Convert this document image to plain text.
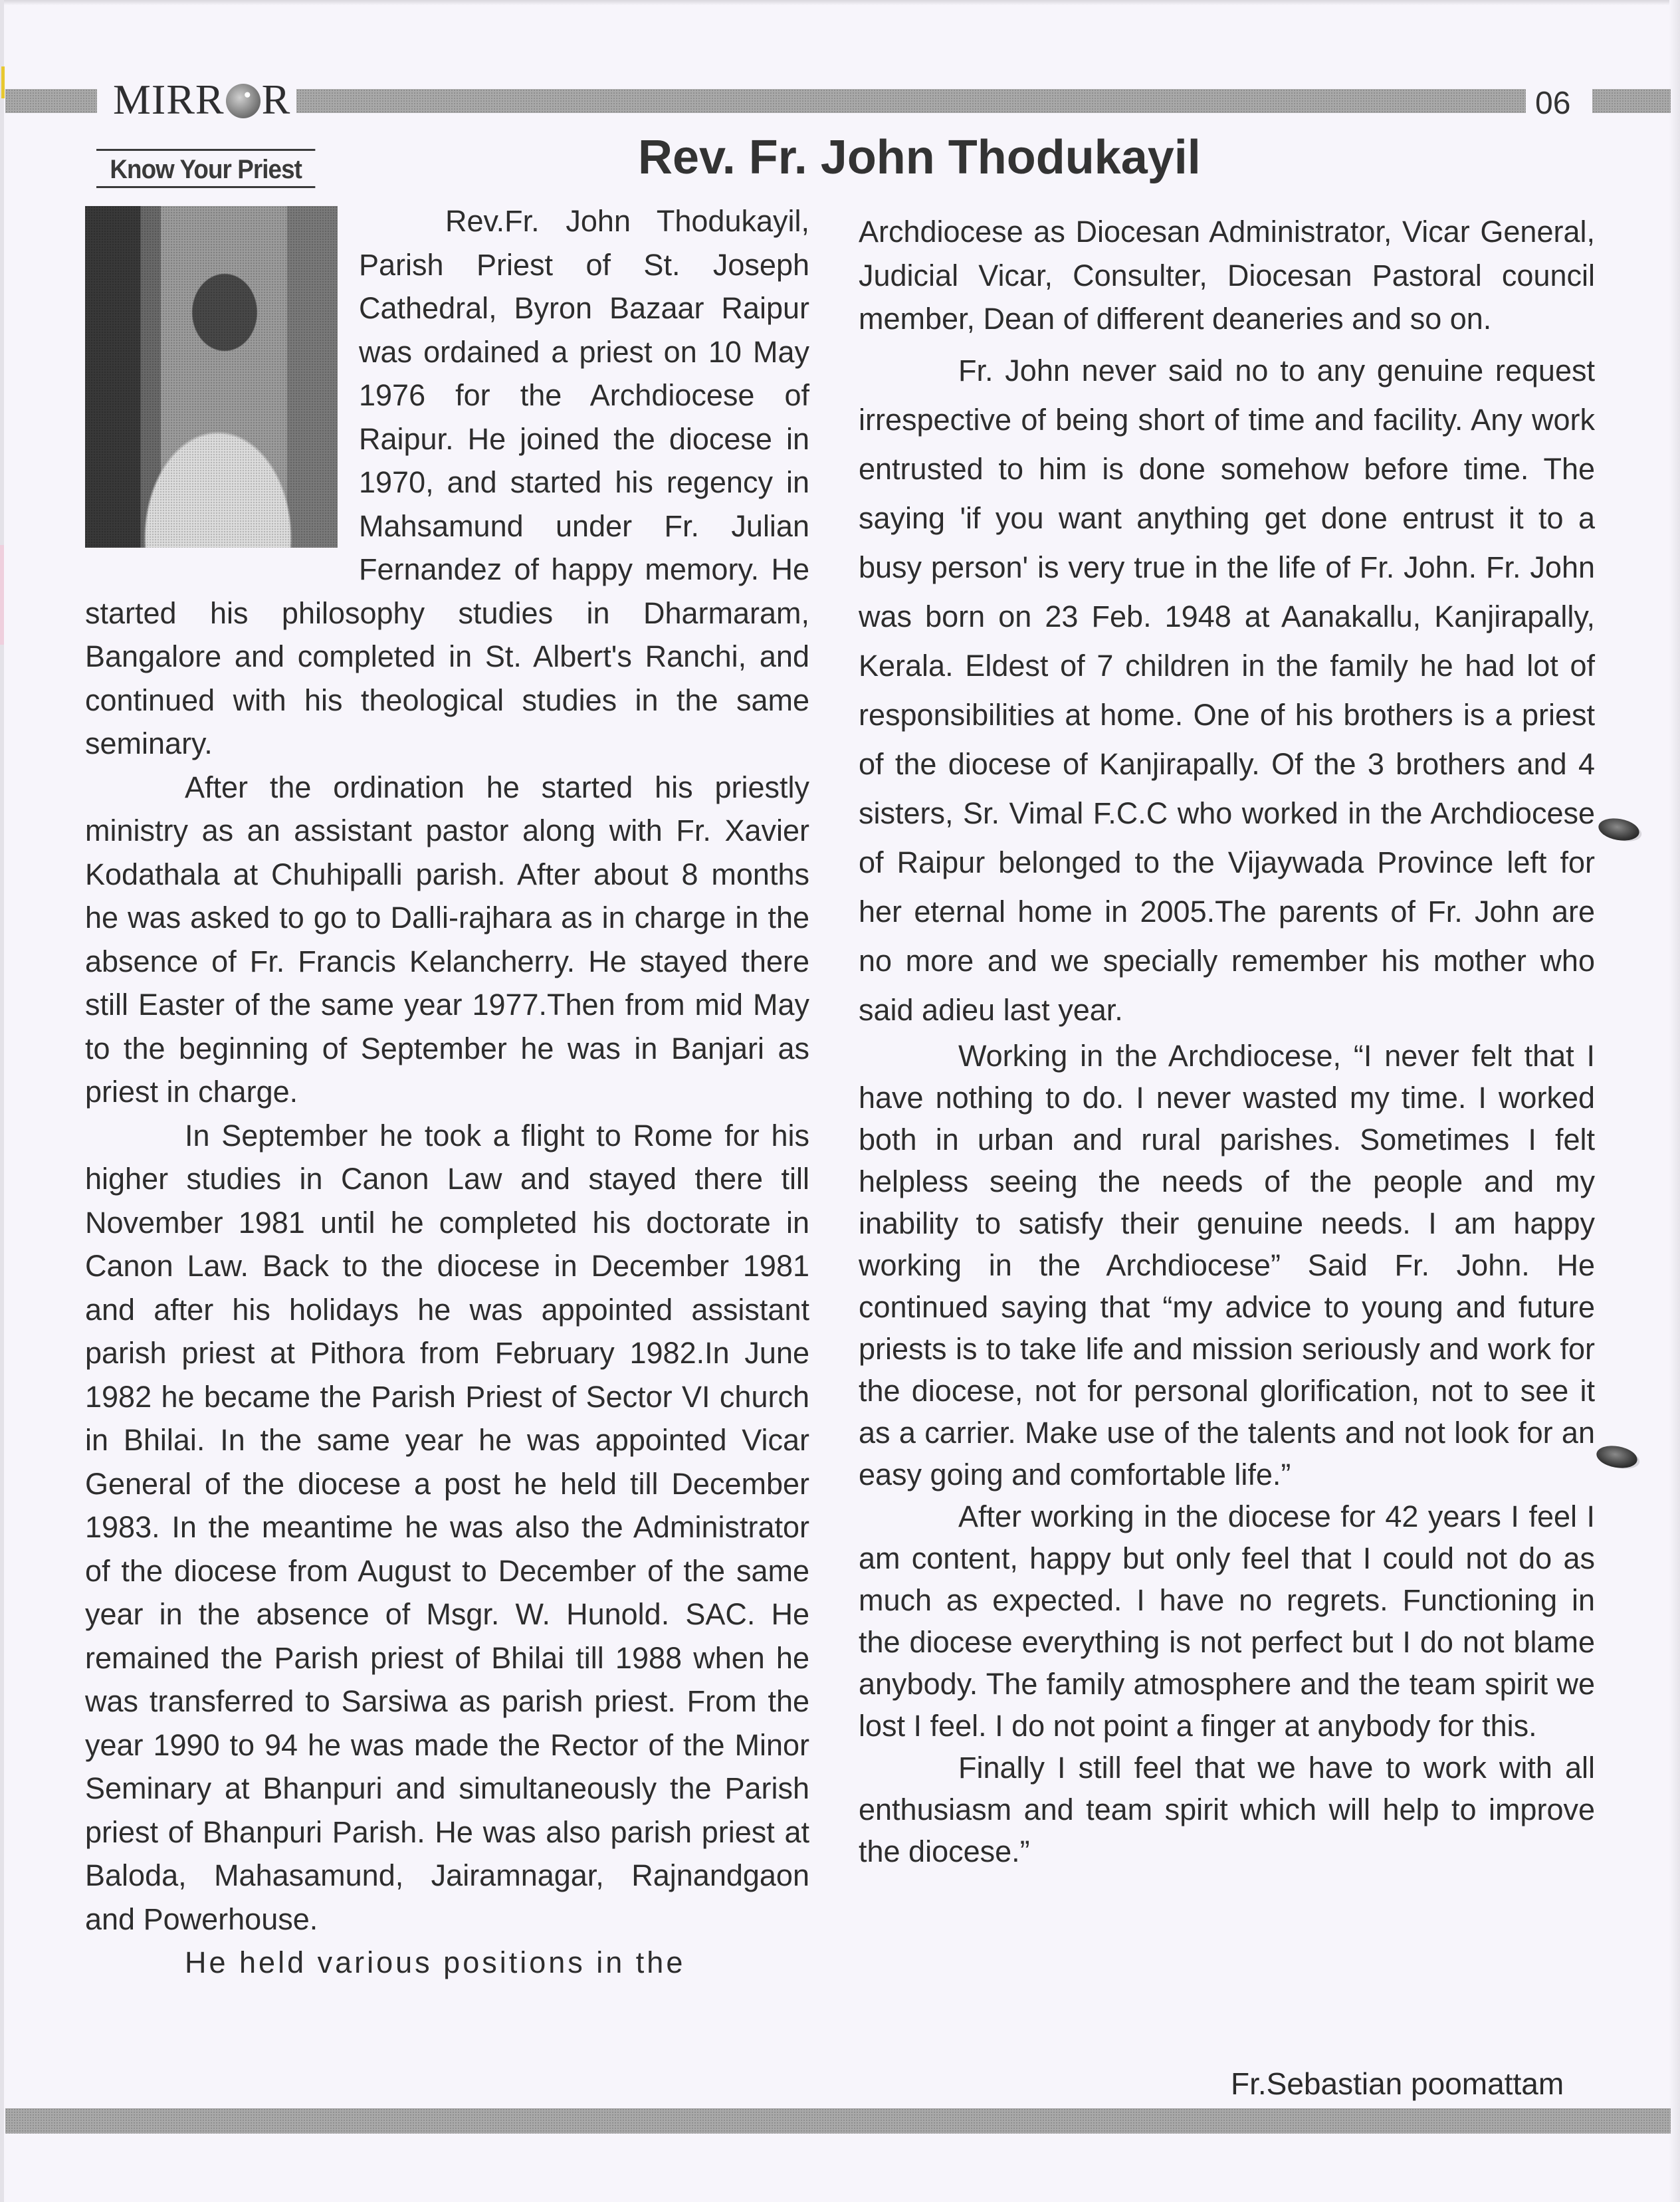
MIRR R	06
Know Your Priest	Rev. Fr. John Thodukayil

Rev.Fr. John Thodukayil, Parish Priest of St. Joseph Cathedral, Byron Bazaar Raipur was ordained a priest on 10 May 1976 for the Archdiocese of Raipur. He joined the diocese in 1970, and started his regency in Mahsamund under Fr. Julian Fernandez of happy memory. He started his philosophy studies in Dharmaram, Bangalore and completed in St. Albert's Ranchi, and continued with his theological studies in the same seminary.

After the ordination he started his priestly ministry as an assistant pastor along with Fr. Xavier Kodathala at Chuhipalli parish. After about 8 months he was asked to go to Dalli-rajhara as in charge in the absence of Fr. Francis Kelancherry. He stayed there still Easter of the same year 1977.Then from mid May to the beginning of September he was in Banjari as priest in charge.

In September he took a flight to Rome for his higher studies in Canon Law and stayed there till November 1981 until he completed his doctorate in Canon Law. Back to the diocese in December 1981 and after his holidays he was appointed assistant parish priest at Pithora from February 1982.In June 1982 he became the Parish Priest of Sector VI church in Bhilai. In the same year he was appointed Vicar General of the diocese a post he held till December 1983. In the meantime he was also the Administrator of the diocese from August to December of the same year in the absence of Msgr. W. Hunold. SAC. He remained the Parish priest of Bhilai till 1988 when he was transferred to Sarsiwa as parish priest. From the year 1990 to 94 he was made the Rector of the Minor Seminary at Bhanpuri and simultaneously the Parish priest of Bhanpuri Parish. He was also parish priest at Baloda, Mahasamund, Jairamnagar, Rajnandgaon and Powerhouse.

He held various positions in the

Archdiocese as Diocesan Administrator, Vicar General, Judicial Vicar, Consulter, Diocesan Pastoral council member, Dean of different deaneries and so on.

Fr. John never said no to any genuine request irrespective of being short of time and facility. Any work entrusted to him is done somehow before time. The saying 'if you want anything get done entrust it to a busy person' is very true in the life of Fr. John. Fr. John was born on 23 Feb. 1948 at Aanakallu, Kanjirapally, Kerala. Eldest of 7 children in the family he had lot of responsibilities at home. One of his brothers is a priest of the diocese of Kanjirapally. Of the 3 brothers and 4 sisters, Sr. Vimal F.C.C who worked in the Archdiocese of Raipur belonged to the Vijaywada Province left for her eternal home in 2005.The parents of Fr. John are no more and we specially remember his mother who said adieu last year.

Working in the Archdiocese, “I never felt that I have nothing to do. I never wasted my time. I worked both in urban and rural parishes. Sometimes I felt helpless seeing the needs of the people and my inability to satisfy their genuine needs. I am happy working in the Archdiocese” Said Fr. John. He continued saying that “my advice to young and future priests is to take life and mission seriously and work for the diocese, not for personal glorification, not to see it as a carrier. Make use of the talents and not look for an easy going and comfortable life.”

After working in the diocese for 42 years I feel I am content, happy but only feel that I could not do as much as expected. I have no regrets. Functioning in the diocese everything is not perfect but I do not blame anybody. The family atmosphere and the team spirit we lost I feel. I do not point a finger at anybody for this.

Finally I still feel that we have to work with all enthusiasm and team spirit which will help to improve the diocese.”

Fr.Sebastian poomattam
